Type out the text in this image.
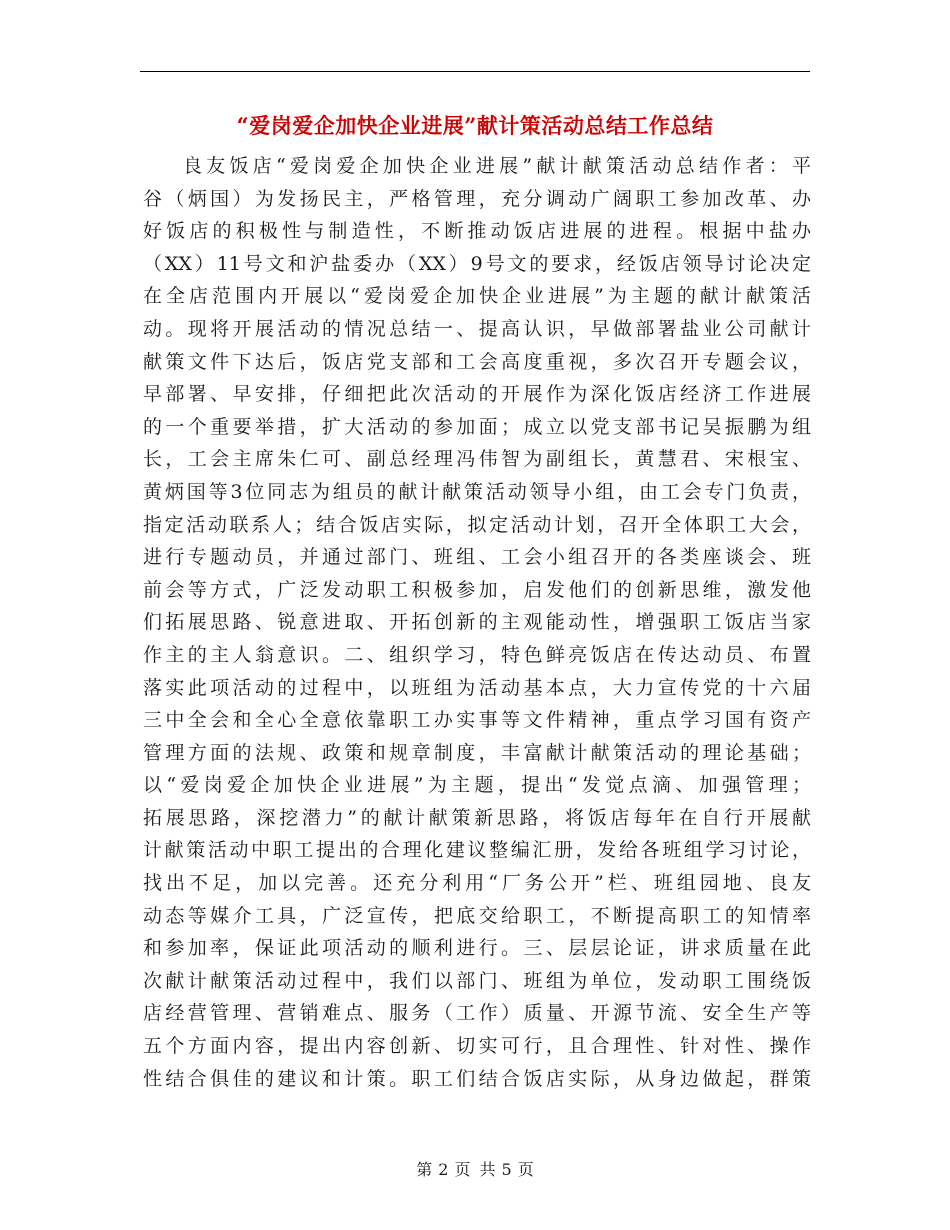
“爱岗爱企加快企业进展”献计策活动总结工作总结
良友饭店“爱岗爱企加快企业进展”献计献策活动总结作者：平
谷（炳国）为发扬民主，严格管理，充分调动广阔职工参加改革、办
好饭店的积极性与制造性，不断推动饭店进展的进程。根据中盐办
（XX）11号文和沪盐委办（XX）9号文的要求，经饭店领导讨论决定
在全店范围内开展以“爱岗爱企加快企业进展”为主题的献计献策活
动。现将开展活动的情况总结一、提高认识，早做部署盐业公司献计
献策文件下达后，饭店党支部和工会高度重视，多次召开专题会议，
早部署、早安排，仔细把此次活动的开展作为深化饭店经济工作进展
的一个重要举措，扩大活动的参加面；成立以党支部书记吴振鹏为组
长，工会主席朱仁可、副总经理冯伟智为副组长，黄慧君、宋根宝、
黄炳国等3位同志为组员的献计献策活动领导小组，由工会专门负责，
指定活动联系人；结合饭店实际，拟定活动计划，召开全体职工大会，
进行专题动员，并通过部门、班组、工会小组召开的各类座谈会、班
前会等方式，广泛发动职工积极参加，启发他们的创新思维，激发他
们拓展思路、锐意进取、开拓创新的主观能动性，增强职工饭店当家
作主的主人翁意识。二、组织学习，特色鲜亮饭店在传达动员、布置
落实此项活动的过程中，以班组为活动基本点，大力宣传党的十六届
三中全会和全心全意依靠职工办实事等文件精神，重点学习国有资产
管理方面的法规、政策和规章制度，丰富献计献策活动的理论基础；
以“爱岗爱企加快企业进展”为主题，提出“发觉点滴、加强管理；
拓展思路，深挖潜力”的献计献策新思路，将饭店每年在自行开展献
计献策活动中职工提出的合理化建议整编汇册，发给各班组学习讨论，
找出不足，加以完善。还充分利用“厂务公开”栏、班组园地、良友
动态等媒介工具，广泛宣传，把底交给职工，不断提高职工的知情率
和参加率，保证此项活动的顺利进行。三、层层论证，讲求质量在此
次献计献策活动过程中，我们以部门、班组为单位，发动职工围绕饭
店经营管理、营销难点、服务（工作）质量、开源节流、安全生产等
五个方面内容，提出内容创新、切实可行，且合理性、针对性、操作
性结合俱佳的建议和计策。职工们结合饭店实际，从身边做起，群策
第 2 页 共 5 页
